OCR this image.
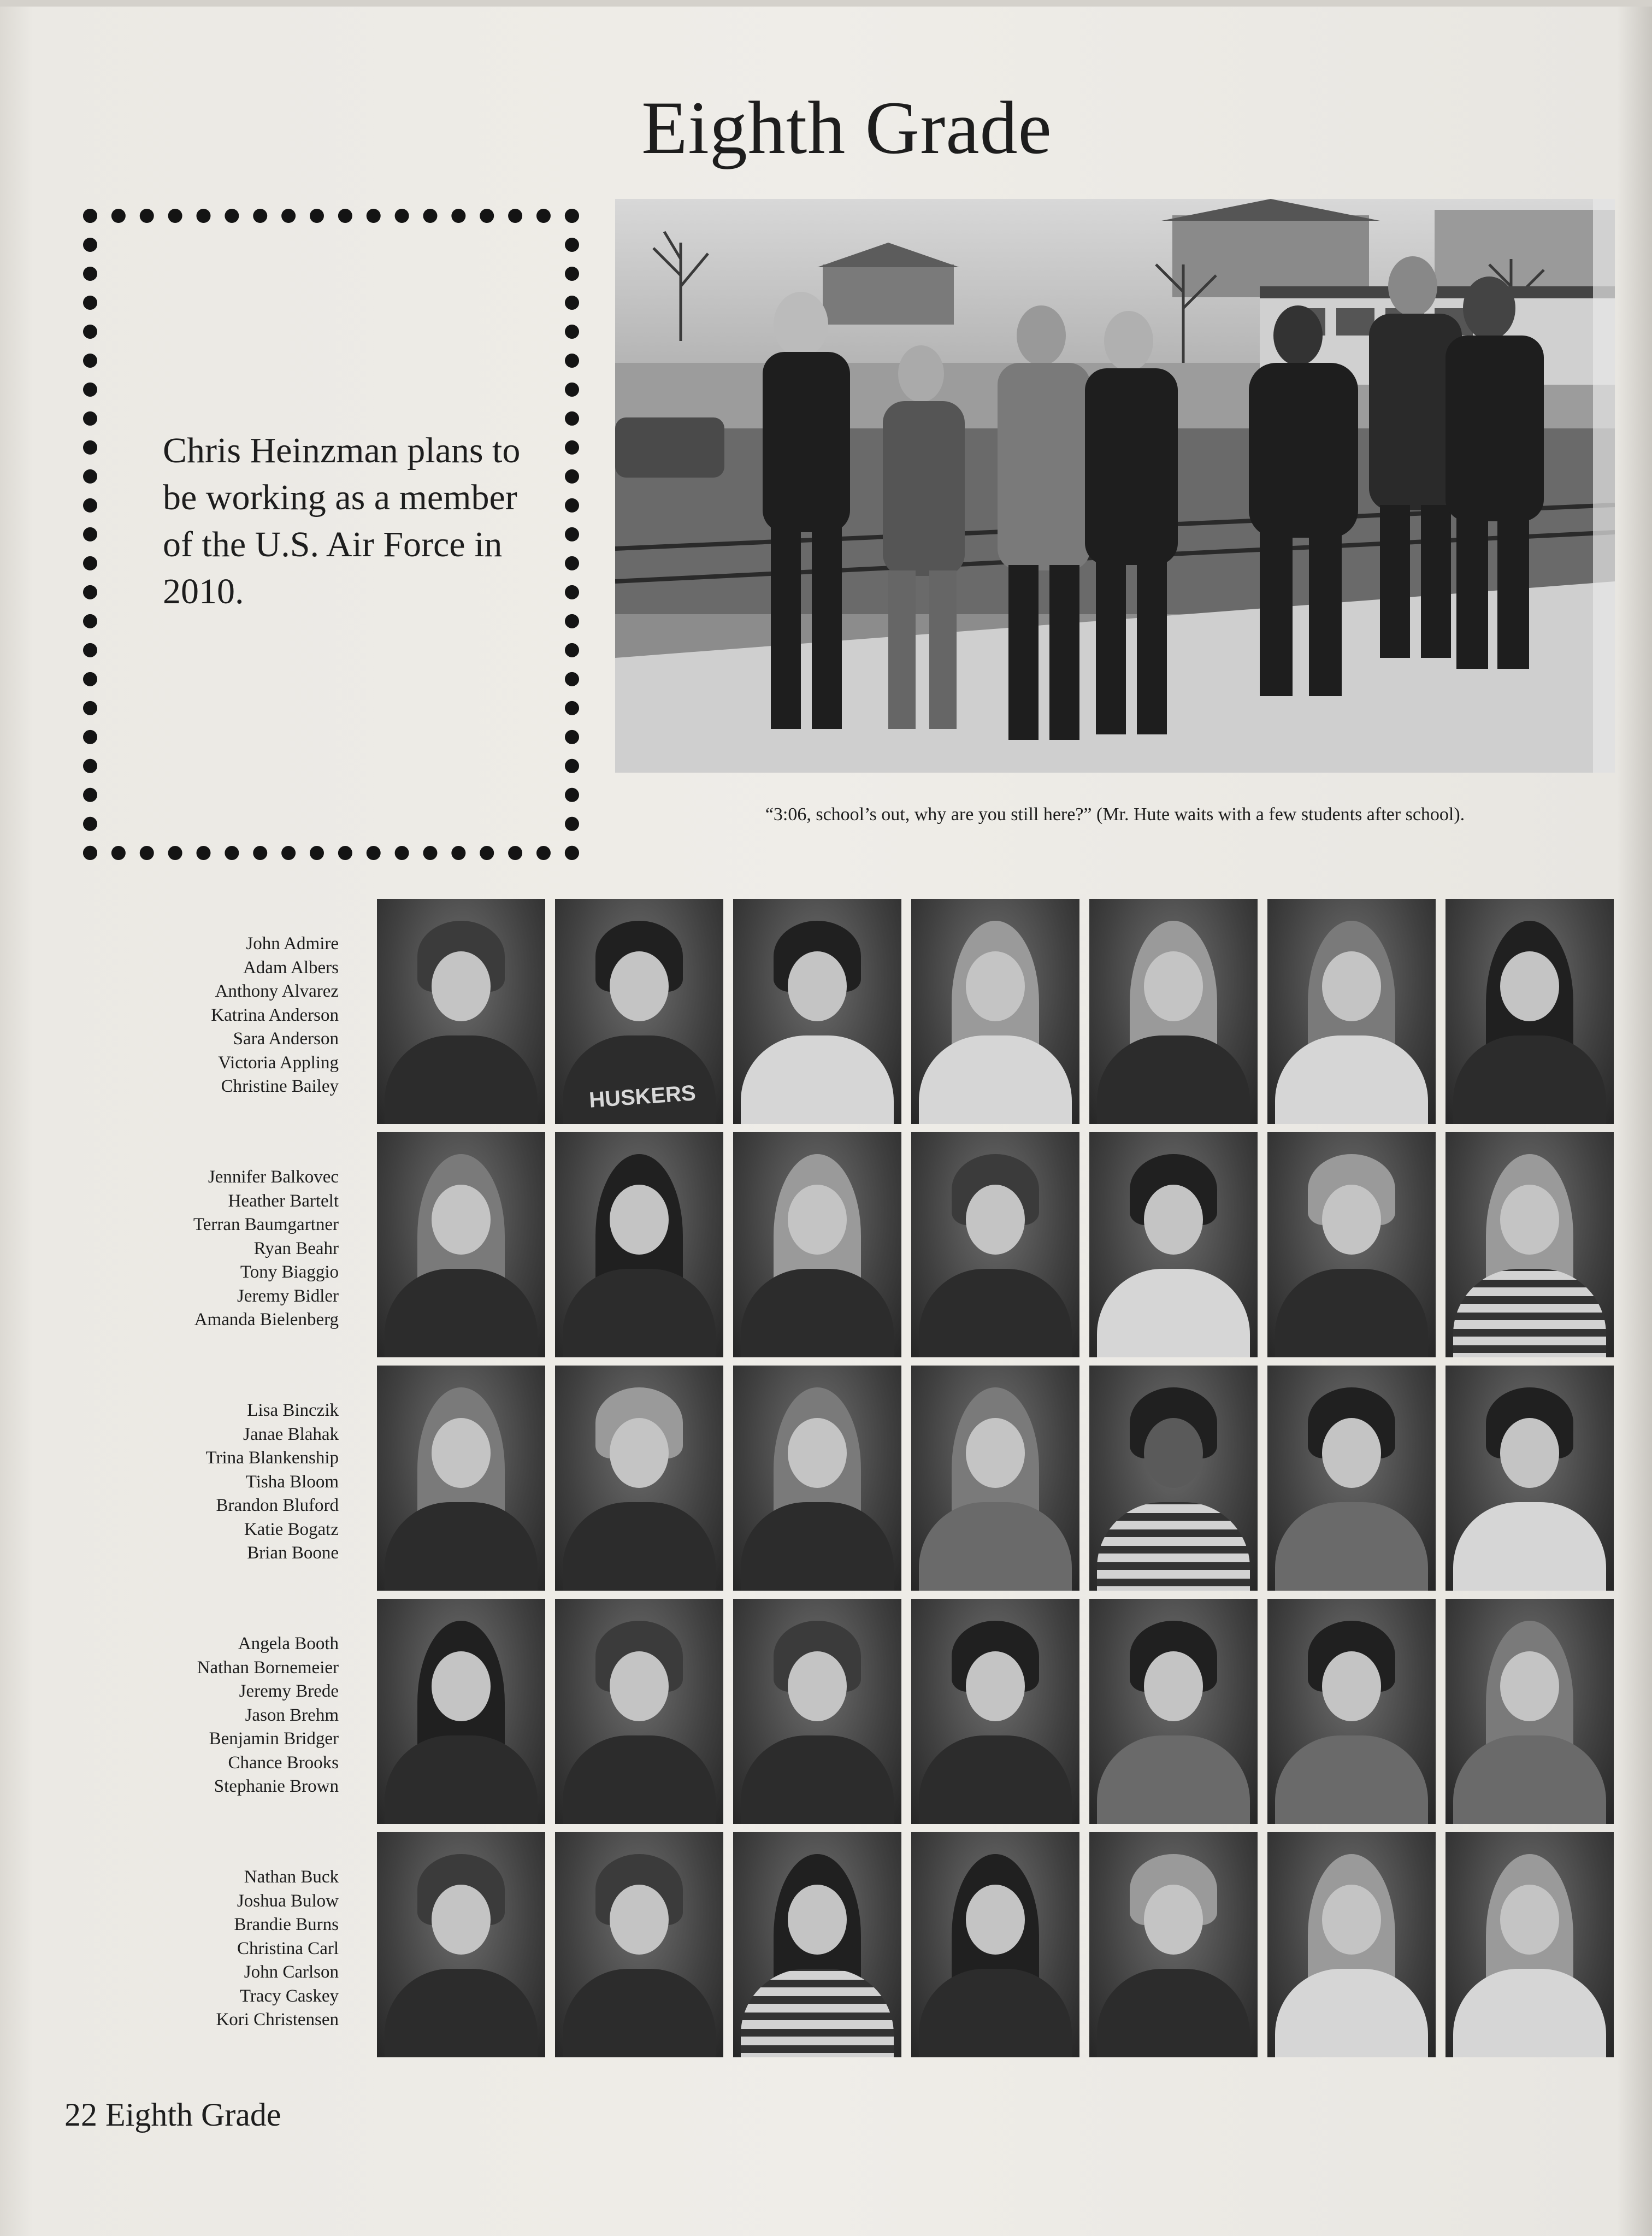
Eighth Grade
Chris Heinzman plans to be working as a member of the U.S. Air Force in 2010.
“3:06, school’s out, why are you still here?” (Mr. Hute waits with a few students after school).
John Admire
Adam Albers
Anthony Alvarez
Katrina Anderson
Sara Anderson
Victoria Appling
Christine Bailey	HUSKERS
Jennifer Balkovec
Heather Bartelt
Terran Baumgartner
Ryan Beahr
Tony Biaggio
Jeremy Bidler
Amanda Bielenberg
Lisa Binczik
Janae Blahak
Trina Blankenship
Tisha Bloom
Brandon Bluford
Katie Bogatz
Brian Boone
Angela Booth
Nathan Bornemeier
Jeremy Brede
Jason Brehm
Benjamin Bridger
Chance Brooks
Stephanie Brown
Nathan Buck
Joshua Bulow
Brandie Burns
Christina Carl
John Carlson
Tracy Caskey
Kori Christensen
22 Eighth Grade
